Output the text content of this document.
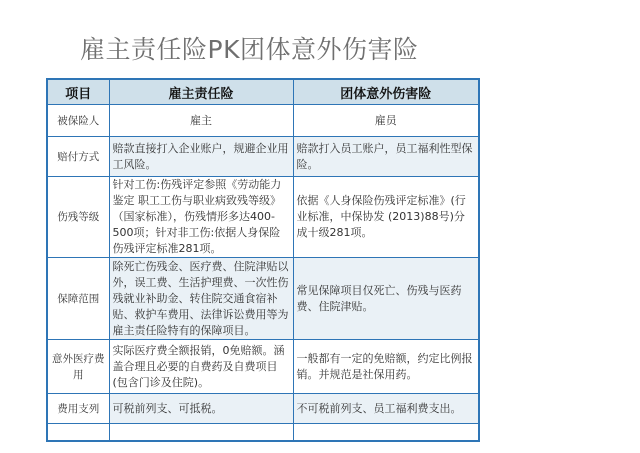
雇主责任险PK团体意外伤害险
项目	雇主责任险	团体意外伤害险
被保险人	雇主	雇员
赔付方式	赔款直接打入企业账户，规避企业用工风险。	赔款打入员工账户，员工福利性型保险。
伤残等级	针对工伤:伤残评定参照《劳动能力鉴定 职工工伤与职业病致残等级》（国家标准），伤残情形多达400-500项；针对非工伤:依据人身保险伤残评定标准281项。	依据《人身保险伤残评定标准》(行业标准，中保协发 (2013)88号)分成十级281项。
保障范围	除死亡伤残金、医疗费、住院津贴以外，误工费、生活护理费、一次性伤残就业补助金、转住院交通食宿补贴、救护车费用、法律诉讼费用等为雇主责任险特有的保障项目。	常见保障项目仅死亡、伤残与医药费、住院津贴。
意外医疗费用	实际医疗费全额报销，0免赔额。涵盖合理且必要的自费药及自费项目 (包含门诊及住院)。	一般都有一定的免赔额，约定比例报销。并规范是社保用药。
费用支列	可税前列支、可抵税。	不可税前列支、员工福利费支出。
